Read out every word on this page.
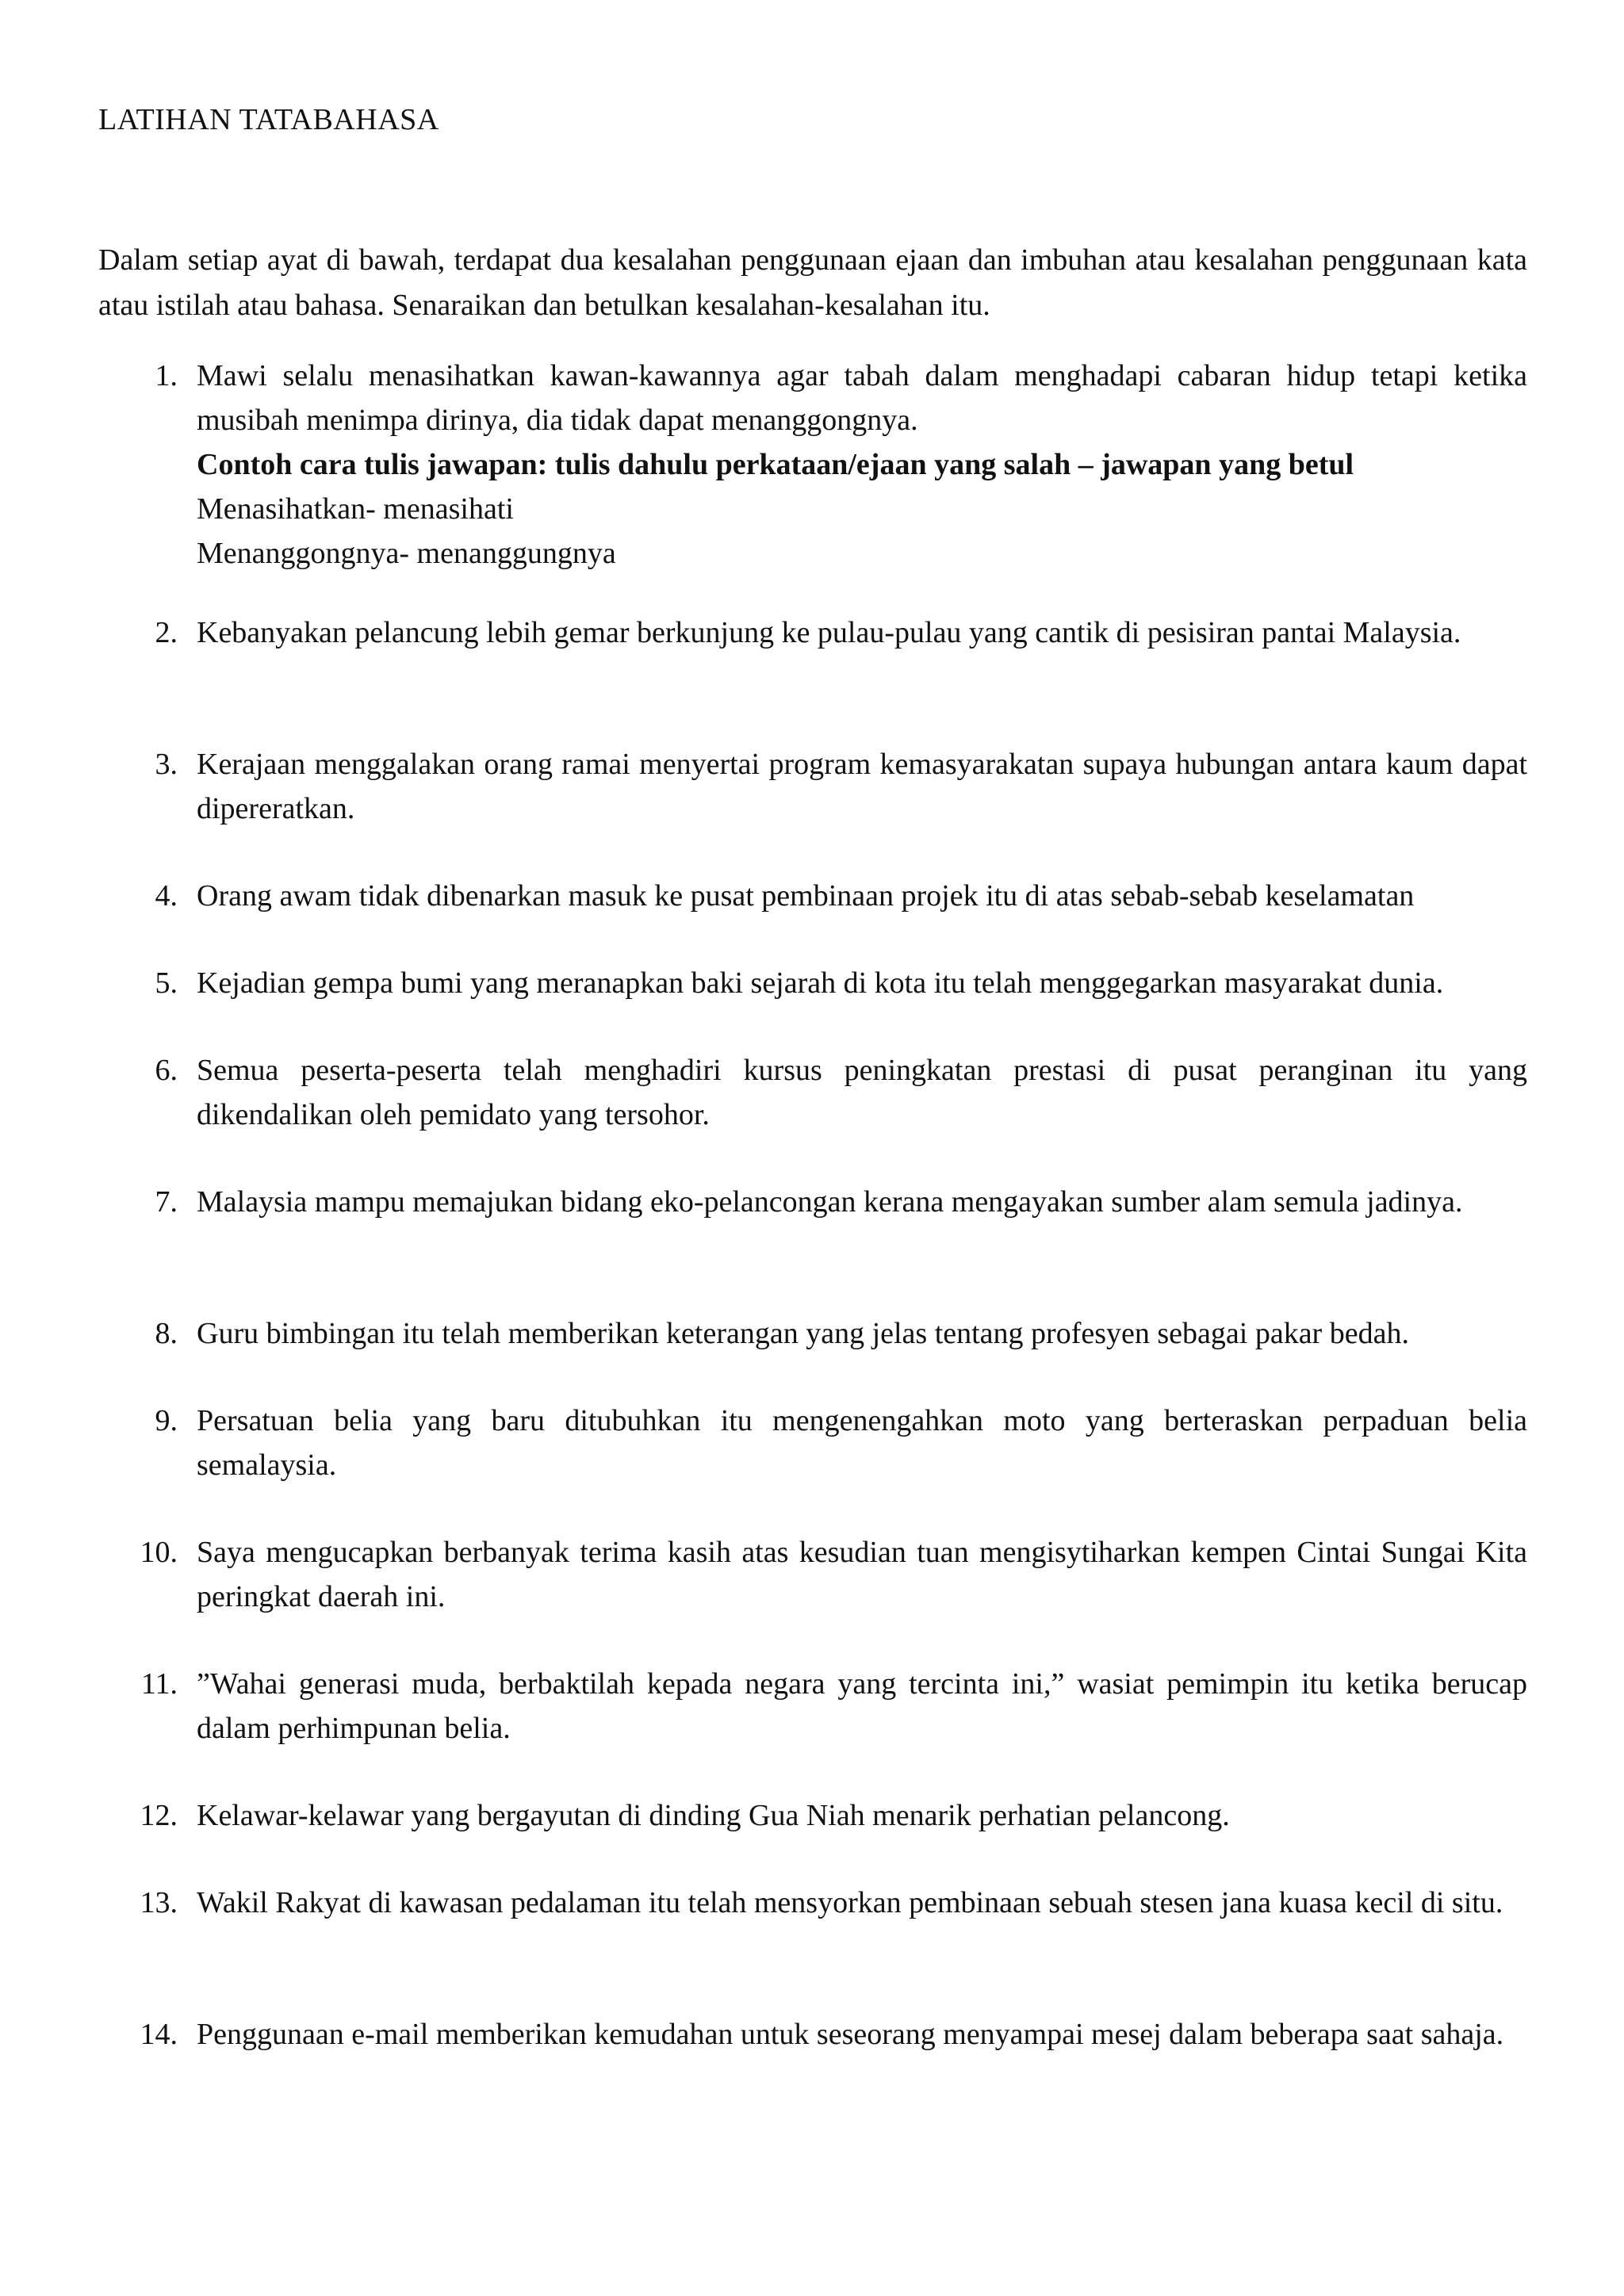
LATIHAN TATABAHASA
Dalam setiap ayat di bawah, terdapat dua kesalahan penggunaan ejaan dan imbuhan atau kesalahan penggunaan kata atau istilah atau bahasa. Senaraikan dan betulkan kesalahan-kesalahan itu.
1. Mawi selalu menasihatkan kawan-kawannya agar tabah dalam menghadapi cabaran hidup tetapi ketika musibah menimpa dirinya, dia tidak dapat menanggongnya.
Contoh cara tulis jawapan: tulis dahulu perkataan/ejaan yang salah – jawapan yang betul
Menasihatkan- menasihati
Menanggongnya- menanggungnya
2. Kebanyakan pelancung lebih gemar berkunjung ke pulau-pulau yang cantik di pesisiran pantai Malaysia.
3. Kerajaan menggalakan orang ramai menyertai program kemasyarakatan supaya hubungan antara kaum dapat dipereratkan.
4. Orang awam tidak dibenarkan masuk ke pusat pembinaan projek itu di atas sebab-sebab keselamatan
5. Kejadian gempa bumi yang meranapkan baki sejarah di kota itu telah menggegarkan masyarakat dunia.
6. Semua peserta-peserta telah menghadiri kursus peningkatan prestasi di pusat peranginan itu yang dikendalikan oleh pemidato yang tersohor.
7. Malaysia mampu memajukan bidang eko-pelancongan kerana mengayakan sumber alam semula jadinya.
8. Guru bimbingan itu telah memberikan keterangan yang jelas tentang profesyen sebagai pakar bedah.
9. Persatuan belia yang baru ditubuhkan itu mengenengahkan moto yang berteraskan perpaduan belia semalaysia.
10. Saya mengucapkan berbanyak terima kasih atas kesudian tuan mengisytiharkan kempen Cintai Sungai Kita peringkat daerah ini.
11. ”Wahai generasi muda, berbaktilah kepada negara yang tercinta ini,” wasiat pemimpin itu ketika berucap dalam perhimpunan belia.
12. Kelawar-kelawar yang bergayutan di dinding Gua Niah menarik perhatian pelancong.
13. Wakil Rakyat di kawasan pedalaman itu telah mensyorkan pembinaan sebuah stesen jana kuasa kecil di situ.
14. Penggunaan e-mail memberikan kemudahan untuk seseorang menyampai mesej dalam beberapa saat sahaja.
